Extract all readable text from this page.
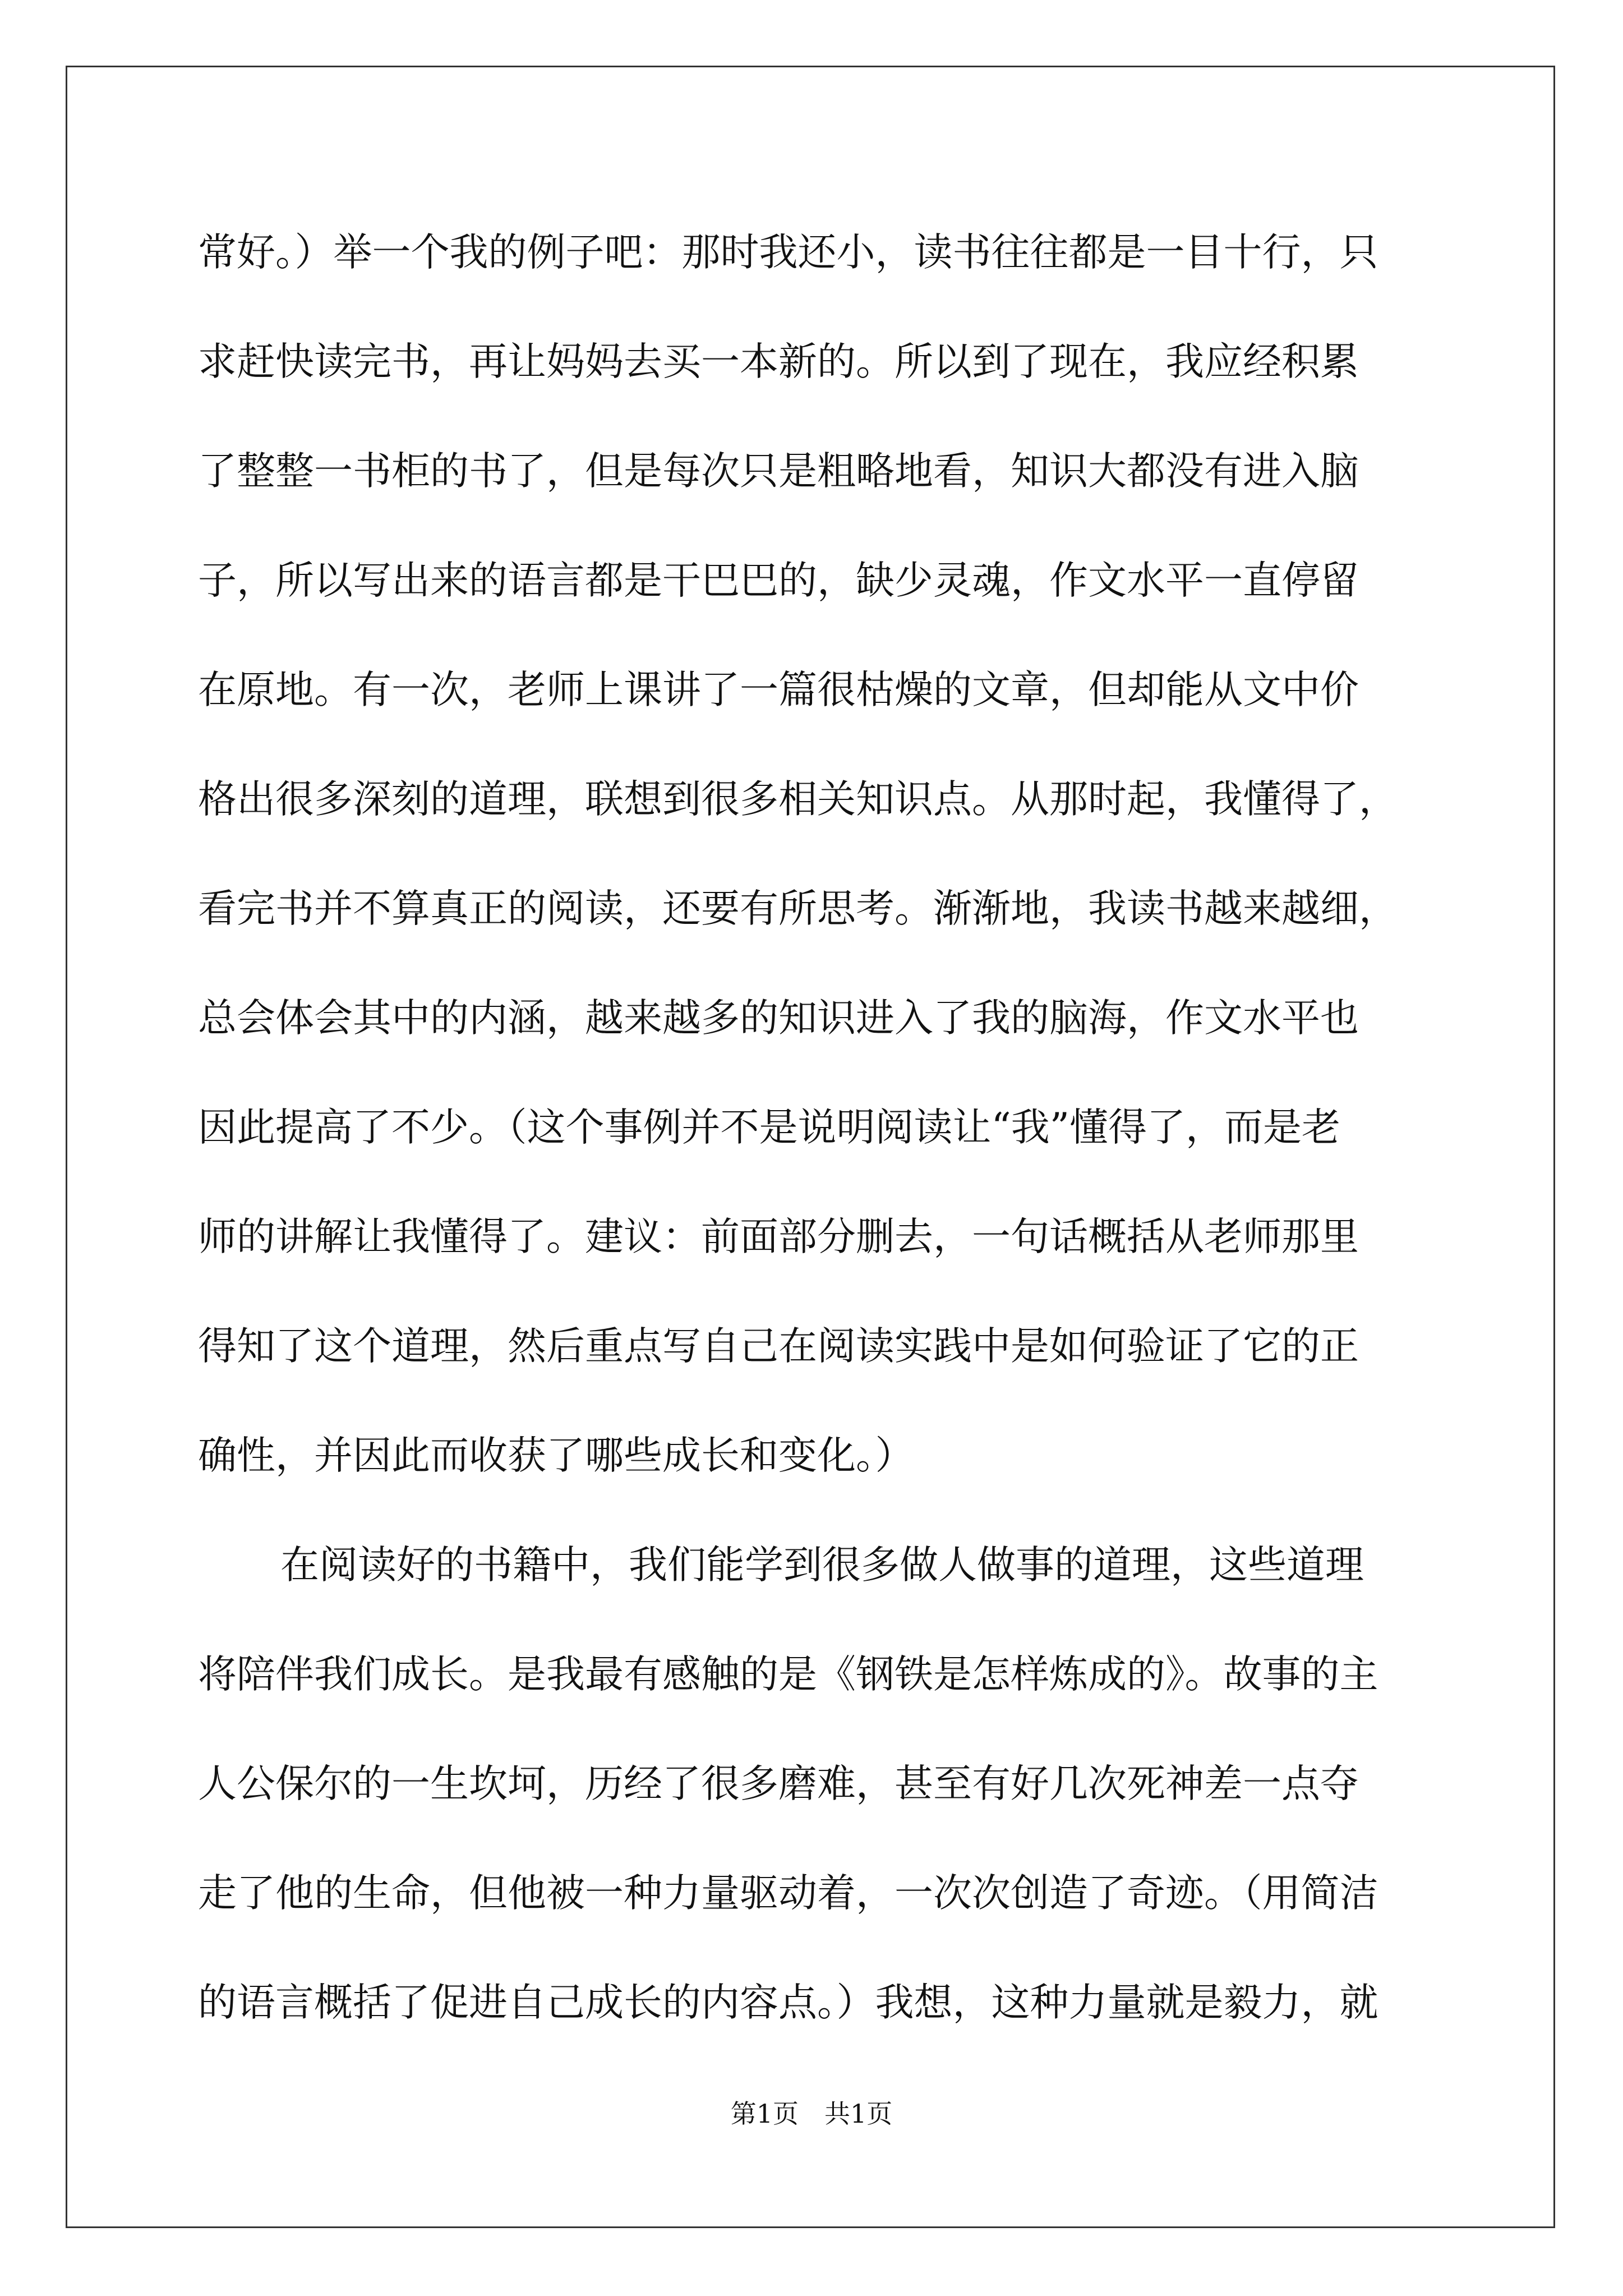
常好。）举一个我的例子吧：那时我还小，读书往往都是一目十行，只
求赶快读完书，再让妈妈去买一本新的。所以到了现在，我应经积累
了整整一书柜的书了，但是每次只是粗略地看，知识大都没有进入脑
子，所以写出来的语言都是干巴巴的，缺少灵魂，作文水平一直停留
在原地。有一次，老师上课讲了一篇很枯燥的文章，但却能从文中价
格出很多深刻的道理，联想到很多相关知识点。从那时起，我懂得了，
看完书并不算真正的阅读，还要有所思考。渐渐地，我读书越来越细，
总会体会其中的内涵，越来越多的知识进入了我的脑海，作文水平也
因此提高了不少。（这个事例并不是说明阅读让“我”懂得了，而是老
师的讲解让我懂得了。建议：前面部分删去，一句话概括从老师那里
得知了这个道理，然后重点写自己在阅读实践中是如何验证了它的正
确性，并因此而收获了哪些成长和变化。）
在阅读好的书籍中，我们能学到很多做人做事的道理，这些道理
将陪伴我们成长。是我最有感触的是《钢铁是怎样炼成的》。故事的主
人公保尔的一生坎坷，历经了很多磨难，甚至有好几次死神差一点夺
走了他的生命，但他被一种力量驱动着，一次次创造了奇迹。（用简洁
的语言概括了促进自己成长的内容点。）我想，这种力量就是毅力，就
第1页　共1页
